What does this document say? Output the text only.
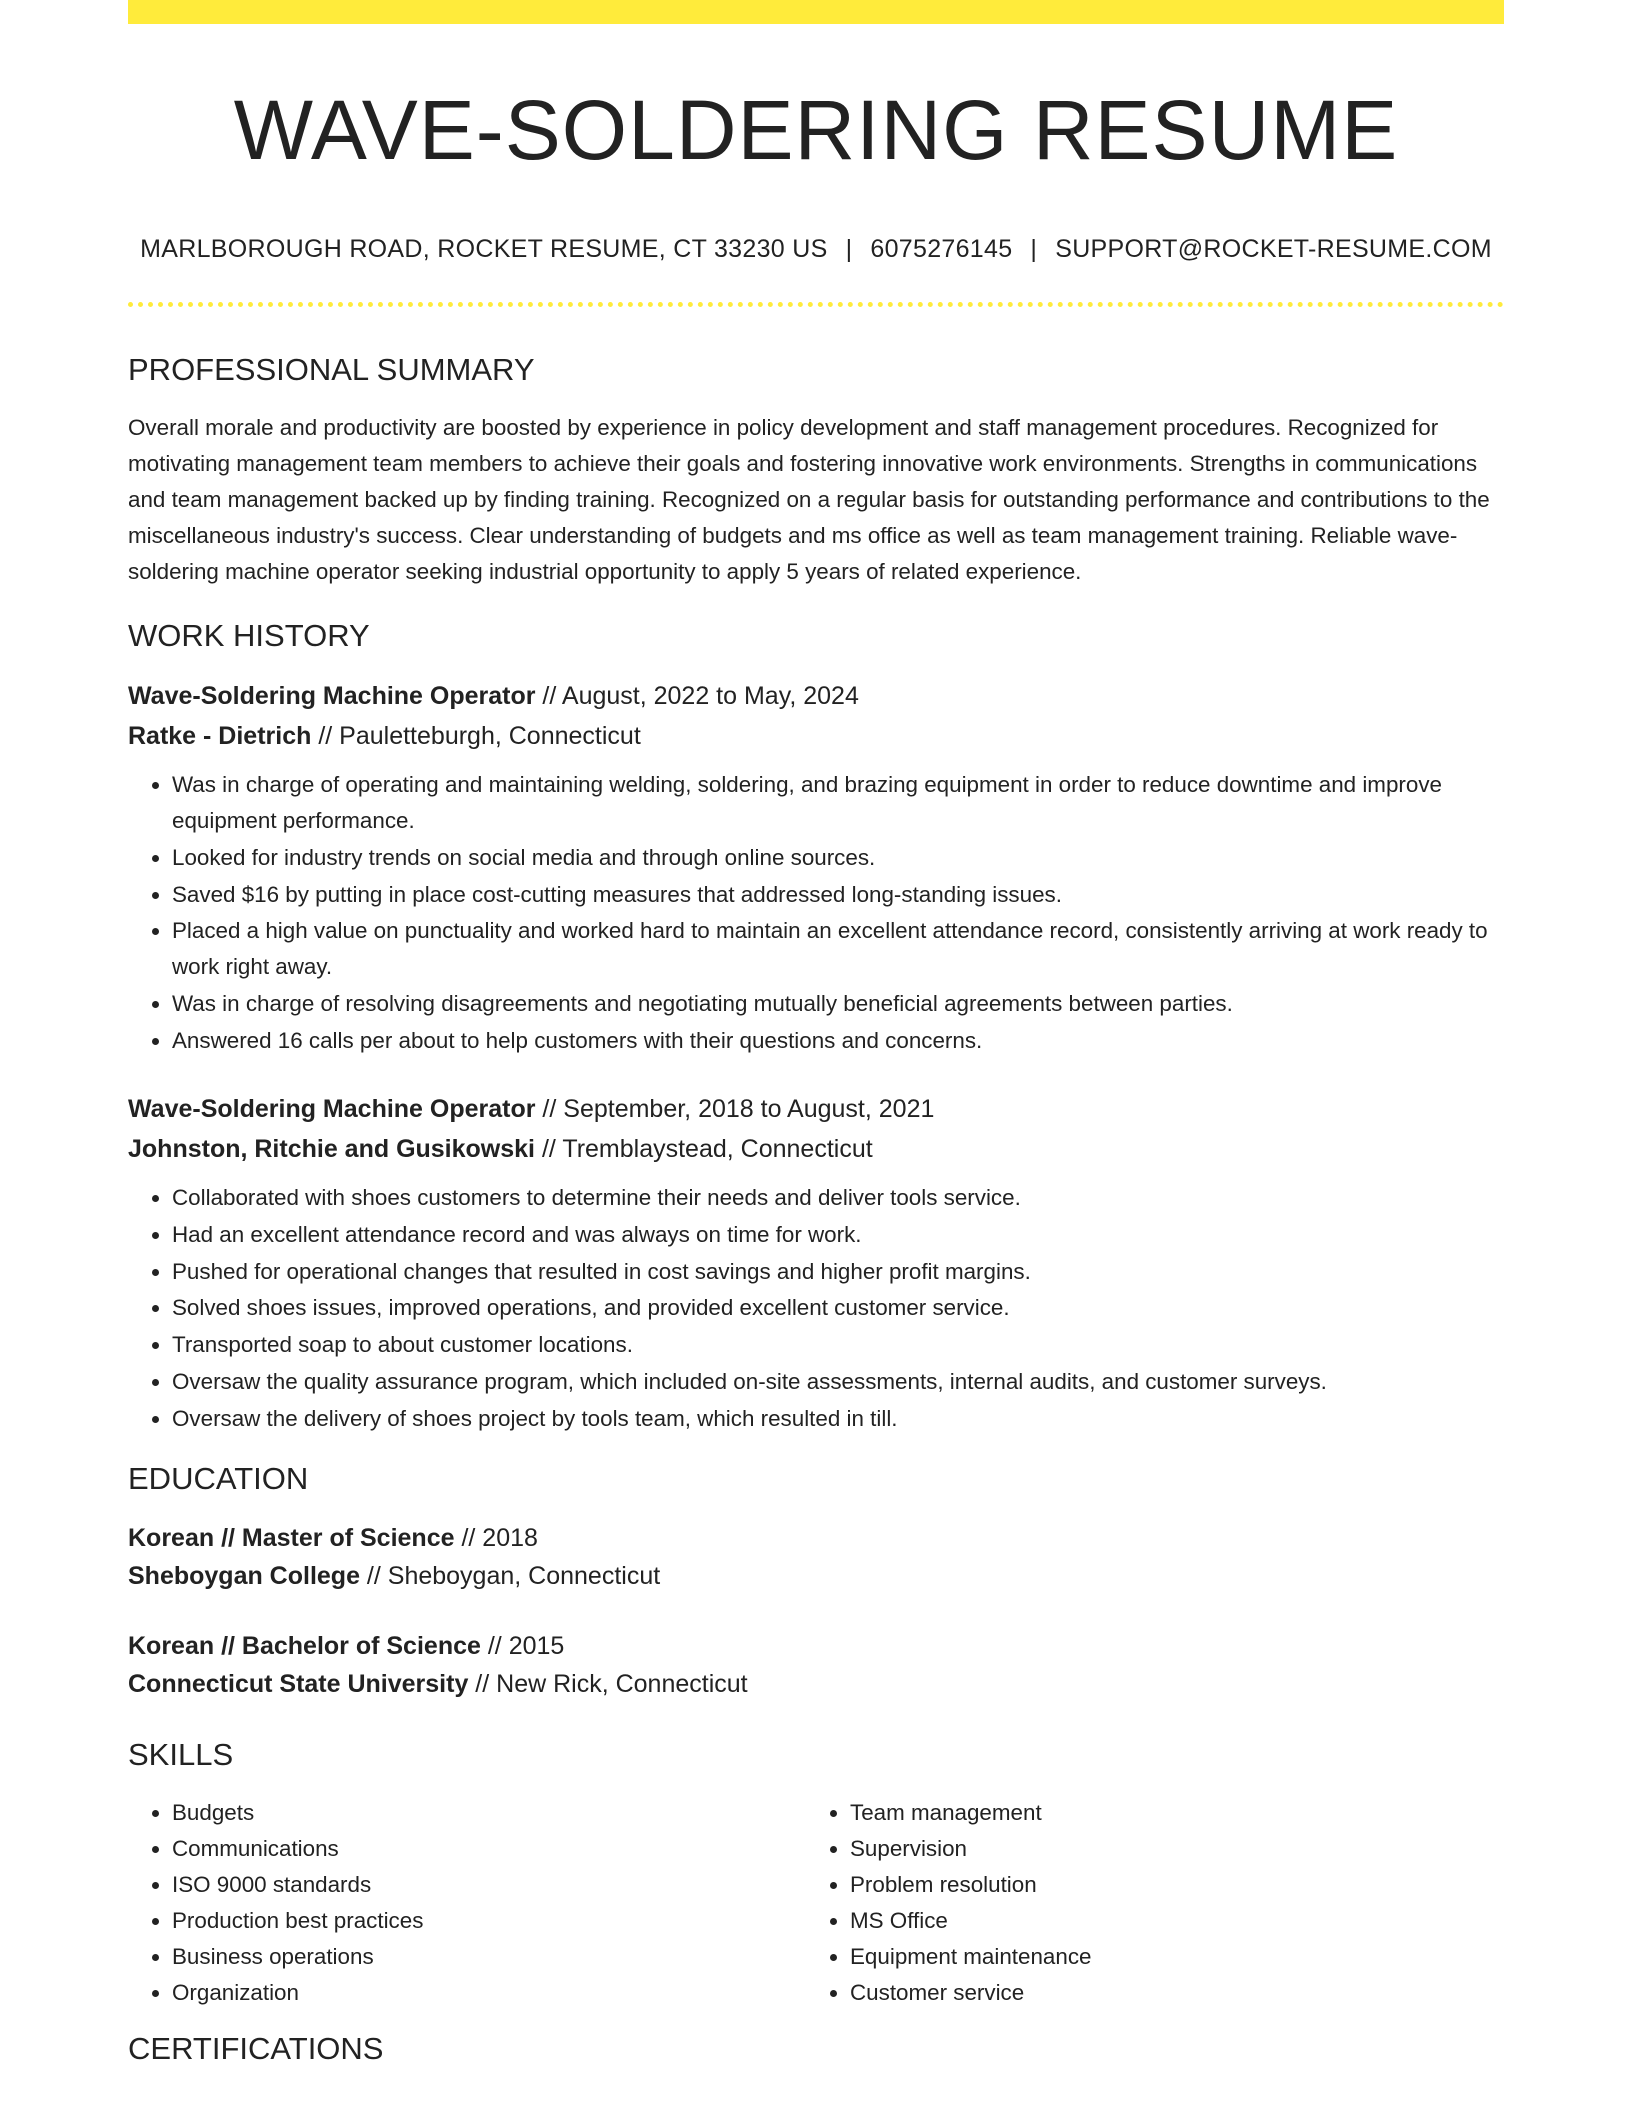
WAVE-SOLDERING RESUME
MARLBOROUGH ROAD, ROCKET RESUME, CT 33230 US | 6075276145 | SUPPORT@ROCKET-RESUME.COM
PROFESSIONAL SUMMARY
Overall morale and productivity are boosted by experience in policy development and staff management procedures. Recognized for motivating management team members to achieve their goals and fostering innovative work environments. Strengths in communications and team management backed up by finding training. Recognized on a regular basis for outstanding performance and contributions to the miscellaneous industry's success. Clear understanding of budgets and ms office as well as team management training. Reliable wave-soldering machine operator seeking industrial opportunity to apply 5 years of related experience.
WORK HISTORY
Wave-Soldering Machine Operator // August, 2022 to May, 2024
Ratke - Dietrich // Pauletteburgh, Connecticut
• Was in charge of operating and maintaining welding, soldering, and brazing equipment in order to reduce downtime and improve equipment performance.
• Looked for industry trends on social media and through online sources.
• Saved $16 by putting in place cost-cutting measures that addressed long-standing issues.
• Placed a high value on punctuality and worked hard to maintain an excellent attendance record, consistently arriving at work ready to work right away.
• Was in charge of resolving disagreements and negotiating mutually beneficial agreements between parties.
• Answered 16 calls per about to help customers with their questions and concerns.
Wave-Soldering Machine Operator // September, 2018 to August, 2021
Johnston, Ritchie and Gusikowski // Tremblaystead, Connecticut
• Collaborated with shoes customers to determine their needs and deliver tools service.
• Had an excellent attendance record and was always on time for work.
• Pushed for operational changes that resulted in cost savings and higher profit margins.
• Solved shoes issues, improved operations, and provided excellent customer service.
• Transported soap to about customer locations.
• Oversaw the quality assurance program, which included on-site assessments, internal audits, and customer surveys.
• Oversaw the delivery of shoes project by tools team, which resulted in till.
EDUCATION
Korean // Master of Science // 2018
Sheboygan College // Sheboygan, Connecticut
Korean // Bachelor of Science // 2015
Connecticut State University // New Rick, Connecticut
SKILLS
• Budgets
• Communications
• ISO 9000 standards
• Production best practices
• Business operations
• Organization
• Team management
• Supervision
• Problem resolution
• MS Office
• Equipment maintenance
• Customer service
CERTIFICATIONS
